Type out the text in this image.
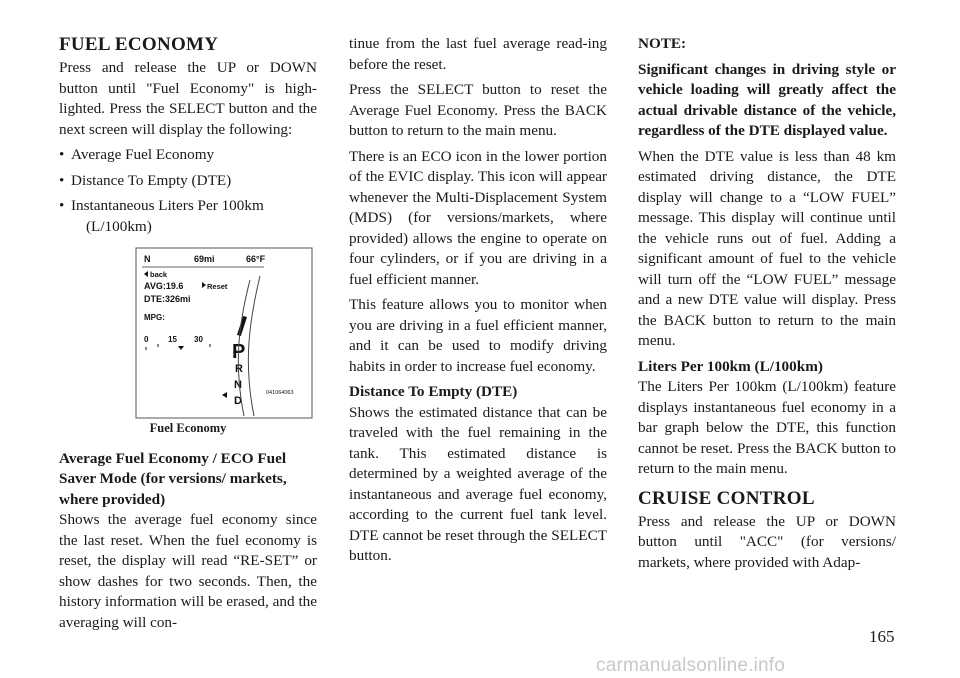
FUEL ECONOMY

Press and release the UP or DOWN button until "Fuel Economy" is high-lighted. Press the SELECT button and the next screen will display the following:

• Average Fuel Economy
• Distance To Empty (DTE)
• Instantaneous Liters Per 100km
(L/100km)
N	69mi	66°F
back
AVG:19.6	Reset
DTE:326mi
MPG:
0 15 30
P
R
N
D
041064063
Fuel Economy
Average Fuel Economy / ECO Fuel Saver Mode (for versions/ markets, where provided)

Shows the average fuel economy since the last reset. When the fuel economy is reset, the display will read “RE-SET” or show dashes for two seconds. Then, the history information will be erased, and the averaging will con-

tinue from the last fuel average read-ing before the reset.

Press the SELECT button to reset the Average Fuel Economy. Press the BACK button to return to the main menu.

There is an ECO icon in the lower portion of the EVIC display. This icon will appear whenever the Multi-Displacement System (MDS) (for versions/markets, where provided) allows the engine to operate on four cylinders, or if you are driving in a fuel efficient manner.

This feature allows you to monitor when you are driving in a fuel efficient manner, and it can be used to modify driving habits in order to increase fuel economy.

Distance To Empty (DTE)

Shows the estimated distance that can be traveled with the fuel remaining in the tank. This estimated distance is determined by a weighted average of the instantaneous and average fuel economy, according to the current fuel tank level. DTE cannot be reset through the SELECT button.

NOTE:

Significant changes in driving style or vehicle loading will greatly affect the actual drivable distance of the vehicle, regardless of the DTE displayed value.

When the DTE value is less than 48 km estimated driving distance, the DTE display will change to a “LOW FUEL” message. This display will continue until the vehicle runs out of fuel. Adding a significant amount of fuel to the vehicle will turn off the “LOW FUEL” message and a new DTE value will display. Press the BACK button to return to the main menu.

Liters Per 100km (L/100km)

The Liters Per 100km (L/100km) feature displays instantaneous fuel economy in a bar graph below the DTE, this function cannot be reset. Press the BACK button to return to the main menu.

CRUISE CONTROL

Press and release the UP or DOWN button until "ACC" (for versions/ markets, where provided with Adap-

165
carmanualsonline.info
